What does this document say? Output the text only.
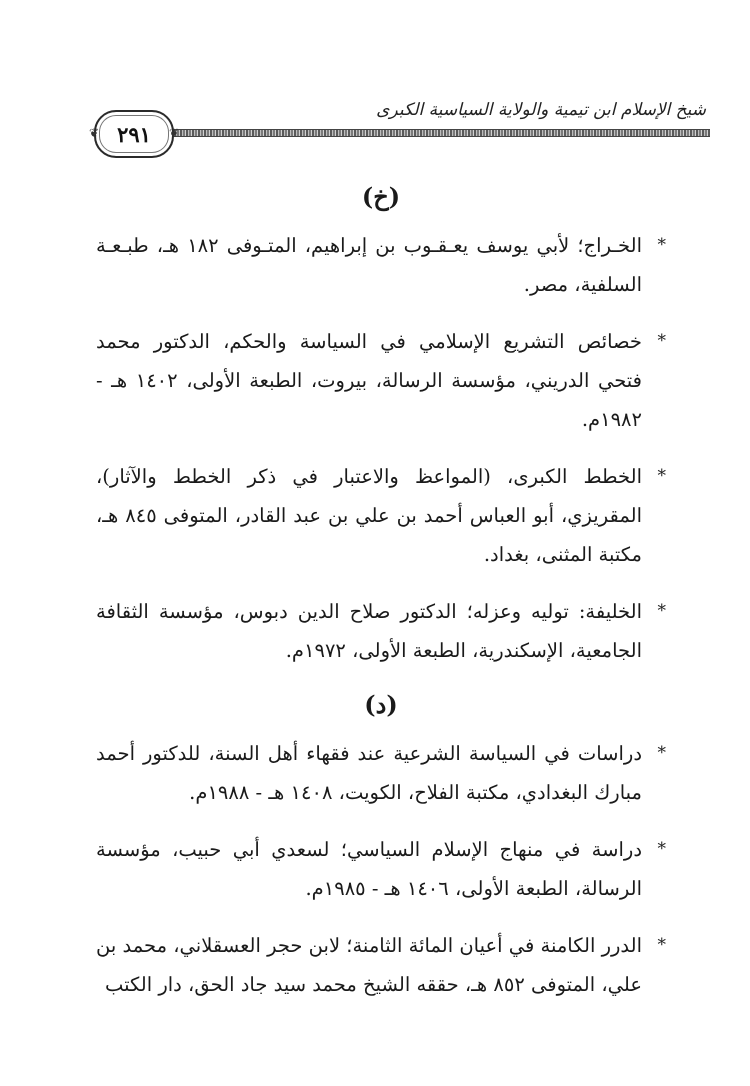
شيخ الإسلام ابن تيمية والولاية السياسية الكبرى
❦ ٢٩١ ❦
(خ)
*
الخـراج؛ لأبي يوسف يعـقـوب بن إبراهيم، المتـوفى ١٨٢ هـ، طبـعـة السلفية، مصر.
*
خصائص التشريع الإسلامي في السياسة والحكم، الدكتور محمد فتحي الدريني، مؤسسة الرسالة، بيروت، الطبعة الأولى، ١٤٠٢ هـ - ١٩٨٢م.
*
الخطط الكبرى، (المواعظ والاعتبار في ذكر الخطط والآثار)، المقريزي، أبو العباس أحمد بن علي بن عبد القادر، المتوفى ٨٤٥ هـ، مكتبة المثنى، بغداد.
*
الخليفة: توليه وعزله؛ الدكتور صلاح الدين دبوس، مؤسسة الثقافة الجامعية، الإسكندرية، الطبعة الأولى، ١٩٧٢م.
(د)
*
دراسات في السياسة الشرعية عند فقهاء أهل السنة، للدكتور أحمد مبارك البغدادي، مكتبة الفلاح، الكويت، ١٤٠٨ هـ - ١٩٨٨م.
*
دراسة في منهاج الإسلام السياسي؛ لسعدي أبي حبيب، مؤسسة الرسالة، الطبعة الأولى، ١٤٠٦ هـ - ١٩٨٥م.
*
الدرر الكامنة في أعيان المائة الثامنة؛ لابن حجر العسقلاني، محمد بن علي، المتوفى ٨٥٢ هـ، حققه الشيخ محمد سيد جاد الحق، دار الكتب
